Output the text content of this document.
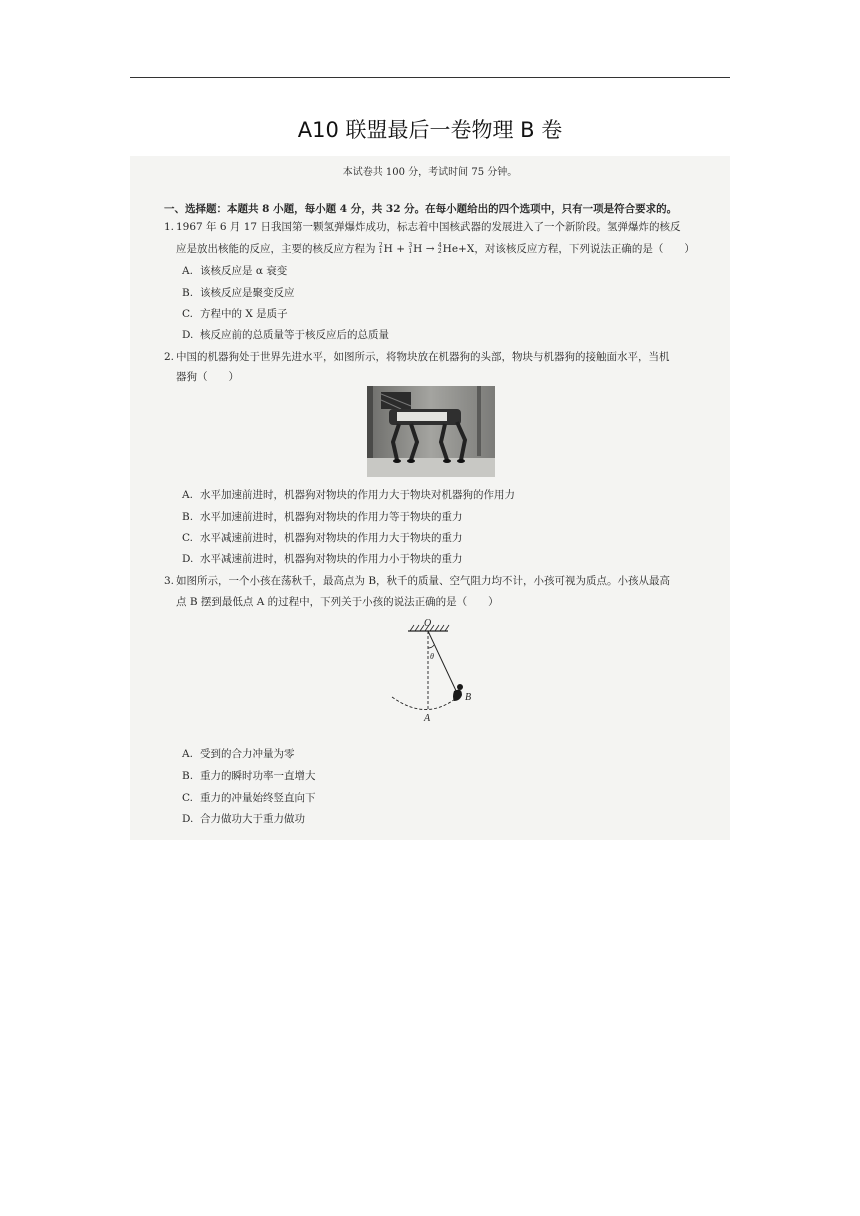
A10 联盟最后一卷物理 B 卷
本试卷共 100 分，考试时间 75 分钟。
一、选择题：本题共 8 小题，每小题 4 分，共 32 分。在每小题给出的四个选项中，只有一项是符合要求的。
1. 1967 年 6 月 17 日我国第一颗氢弹爆炸成功，标志着中国核武器的发展进入了一个新阶段。氢弹爆炸的核反
应是放出核能的反应，主要的核反应方程为 2
1 H + 3
1 H → 4
2 He+X，对该核反应方程，下列说法正确的是（　　）
A. 该核反应是 α 衰变
B. 该核反应是聚变反应
C. 方程中的 X 是质子
D. 核反应前的总质量等于核反应后的总质量
2. 中国的机器狗处于世界先进水平，如图所示，将物块放在机器狗的头部，物块与机器狗的接触面水平，当机
器狗（　　）
A. 水平加速前进时，机器狗对物块的作用力大于物块对机器狗的作用力
B. 水平加速前进时，机器狗对物块的作用力等于物块的重力
C. 水平减速前进时，机器狗对物块的作用力大于物块的重力
D. 水平减速前进时，机器狗对物块的作用力小于物块的重力
3. 如图所示，一个小孩在荡秋千，最高点为 B，秋千的质量、空气阻力均不计，小孩可视为质点。小孩从最高
点 B 摆到最低点 A 的过程中，下列关于小孩的说法正确的是（　　）
O
θ
B
A
A. 受到的合力冲量为零
B. 重力的瞬时功率一直增大
C. 重力的冲量始终竖直向下
D. 合力做功大于重力做功
